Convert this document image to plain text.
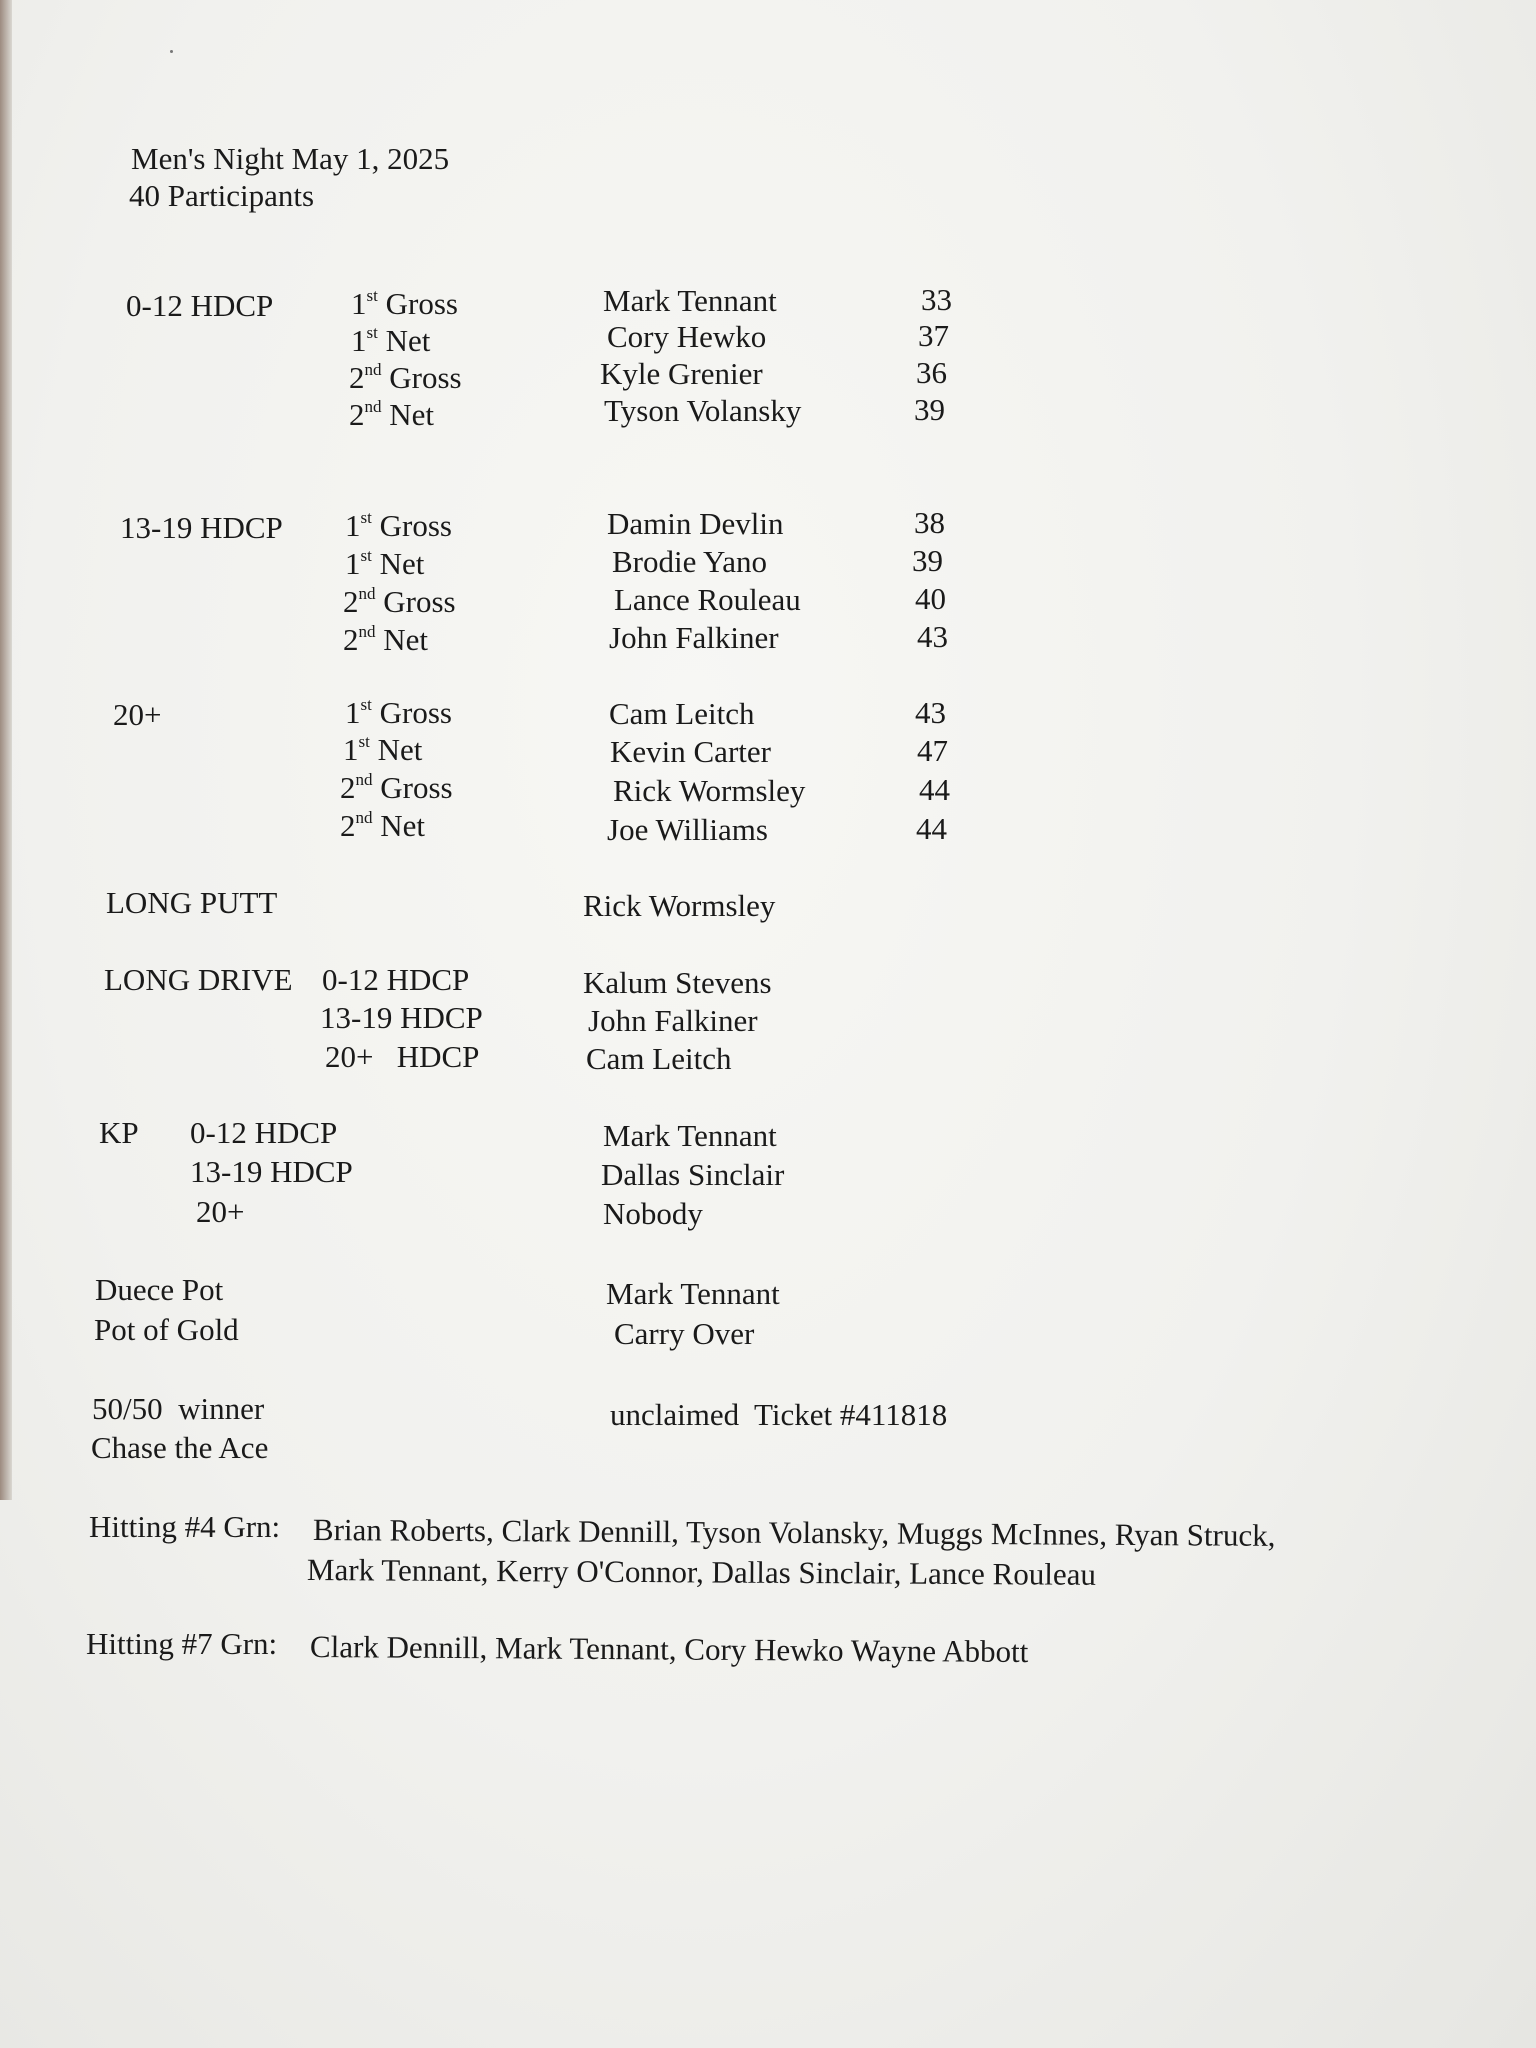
Men's Night May 1, 2025
40 Participants
0-12 HDCP	1st Gross	Mark Tennant	33
1st Net	Cory Hewko	37
2nd Gross	Kyle Grenier	36
2nd Net	Tyson Volansky	39
13-19 HDCP 1st Gross	Damin Devlin	38
1st Net	Brodie Yano	39
2nd Gross	Lance Rouleau	40
2nd Net	John Falkiner	43
20+	1st Gross	Cam Leitch	43
1st Net	Kevin Carter	47
2nd Gross	Rick Wormsley	44
2nd Net	Joe Williams	44
LONG PUTT	Rick Wormsley
LONG DRIVE 0-12 HDCP	Kalum Stevens
13-19 HDCP	John Falkiner
20+   HDCP	Cam Leitch
KP 0-12 HDCP	Mark Tennant
13-19 HDCP	Dallas Sinclair
20+	Nobody
Duece Pot	Mark Tennant
Pot of Gold	Carry Over
50/50  winner	unclaimed  Ticket #411818
Chase the Ace
Hitting #4 Grn: Brian Roberts, Clark Dennill, Tyson Volansky, Muggs McInnes, Ryan Struck,
Mark Tennant, Kerry O'Connor, Dallas Sinclair, Lance Rouleau
Hitting #7 Grn: Clark Dennill, Mark Tennant, Cory Hewko Wayne Abbott
